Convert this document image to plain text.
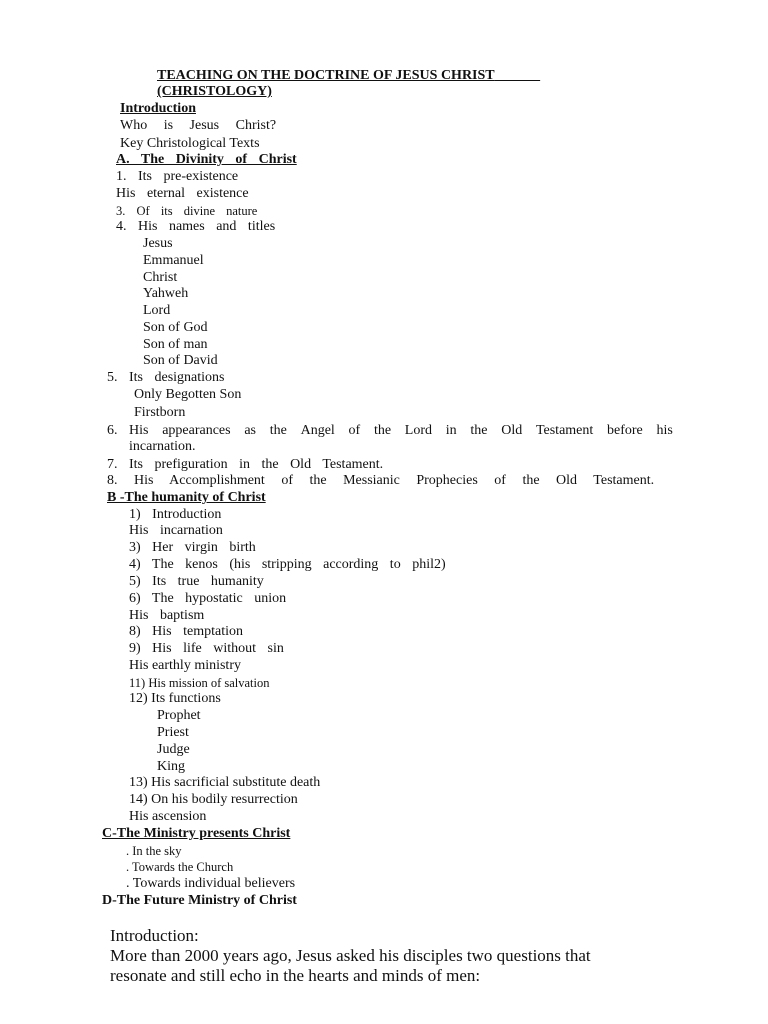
TEACHING ON THE DOCTRINE OF JESUS CHRIST
(CHRISTOLOGY)
Introduction
Who is Jesus Christ?
Key Christological Texts
A. The Divinity of Christ
1. Its pre-existence
His eternal existence
3. Of its divine nature
4. His names and titles
Jesus
Emmanuel
Christ
Yahweh
Lord
Son of God
Son of man
Son of David
5. Its designations
Only Begotten Son
Firstborn
6. His appearances as the Angel of the Lord in the Old Testament before his
incarnation.
7. Its prefiguration in the Old Testament.
8. His Accomplishment of the Messianic Prophecies of the Old Testament.
B -The humanity of Christ
1) Introduction
His incarnation
3) Her virgin birth
4) The kenos (his stripping according to phil2)
5) Its true humanity
6) The hypostatic union
His baptism
8) His temptation
9) His life without sin
His earthly ministry
11) His mission of salvation
12) Its functions
Prophet
Priest
Judge
King
13) His sacrificial substitute death
14) On his bodily resurrection
His ascension
C-The Ministry presents Christ
. In the sky
. Towards the Church
. Towards individual believers
D-The Future Ministry of Christ
Introduction:
More than 2000 years ago, Jesus asked his disciples two questions that
resonate and still echo in the hearts and minds of men:
